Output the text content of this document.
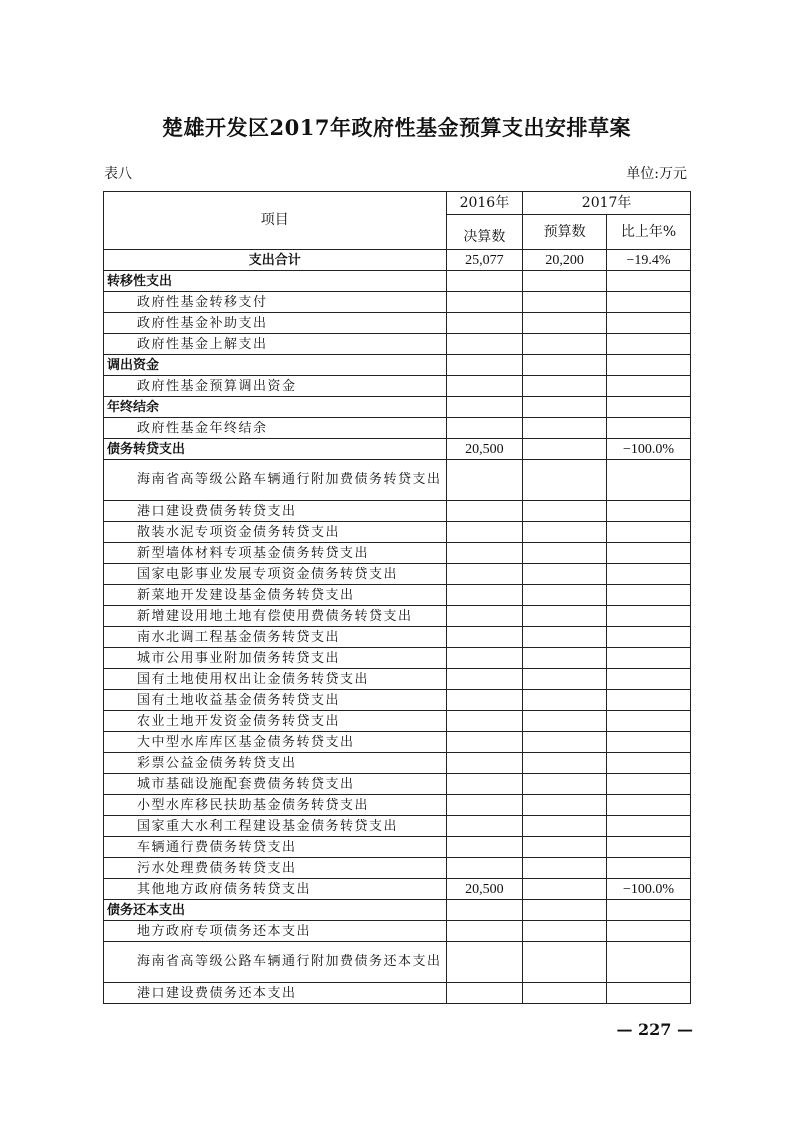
楚雄开发区2017年政府性基金预算支出安排草案
表八	单位:万元
项目	2016年	2017年	
	决算数	预算数	比上年%
支出合计	25,077	20,200	−19.4%
转移性支出			
政府性基金转移支付			
政府性基金补助支出			
政府性基金上解支出			
调出资金			
政府性基金预算调出资金			
年终结余			
政府性基金年终结余			
债务转贷支出	20,500		−100.0%
海南省高等级公路车辆通行附加费债务转贷支出			
港口建设费债务转贷支出			
散装水泥专项资金债务转贷支出			
新型墙体材料专项基金债务转贷支出			
国家电影事业发展专项资金债务转贷支出			
新菜地开发建设基金债务转贷支出			
新增建设用地土地有偿使用费债务转贷支出			
南水北调工程基金债务转贷支出			
城市公用事业附加债务转贷支出			
国有土地使用权出让金债务转贷支出			
国有土地收益基金债务转贷支出			
农业土地开发资金债务转贷支出			
大中型水库库区基金债务转贷支出			
彩票公益金债务转贷支出			
城市基础设施配套费债务转贷支出			
小型水库移民扶助基金债务转贷支出			
国家重大水利工程建设基金债务转贷支出			
车辆通行费债务转贷支出			
污水处理费债务转贷支出			
其他地方政府债务转贷支出	20,500		−100.0%
债务还本支出			
地方政府专项债务还本支出			
海南省高等级公路车辆通行附加费债务还本支出			
港口建设费债务还本支出			
— 227 —
